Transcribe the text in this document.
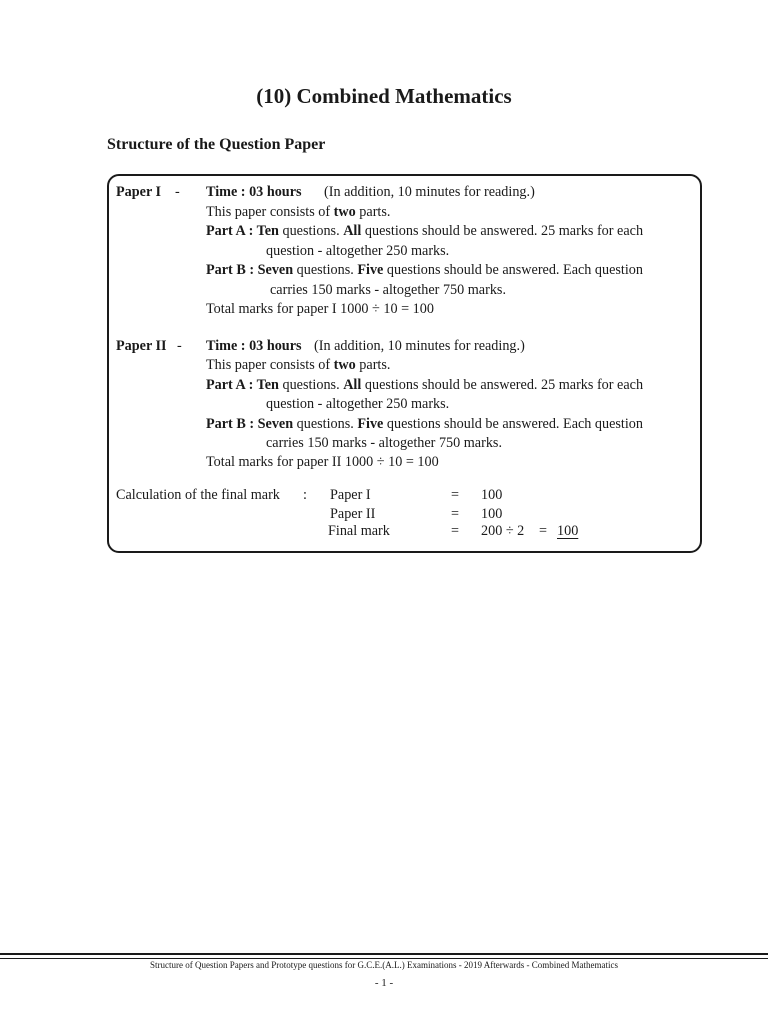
(10) Combined Mathematics
Structure of the Question Paper
Paper I - Time : 03 hours (In addition, 10 minutes for reading.)
This paper consists of two parts.
Part A : Ten questions. All questions should be answered. 25 marks for each
question - altogether 250 marks.
Part B : Seven questions. Five questions should be answered. Each question
carries 150 marks - altogether 750 marks.
Total marks for paper I 1000 ÷ 10 = 100
Paper II - Time : 03 hours (In addition, 10 minutes for reading.)
This paper consists of two parts.
Part A : Ten questions. All questions should be answered. 25 marks for each
question - altogether 250 marks.
Part B : Seven questions. Five questions should be answered. Each question
carries 150 marks - altogether 750 marks.
Total marks for paper II 1000 ÷ 10 = 100
Calculation of the final mark : Paper I	= 100
Paper II	= 100
Final mark	= 200 ÷ 2 = 100
Structure of Question Papers and Prototype questions for G.C.E.(A.L.) Examinations - 2019 Afterwards - Combined Mathematics
- 1 -
